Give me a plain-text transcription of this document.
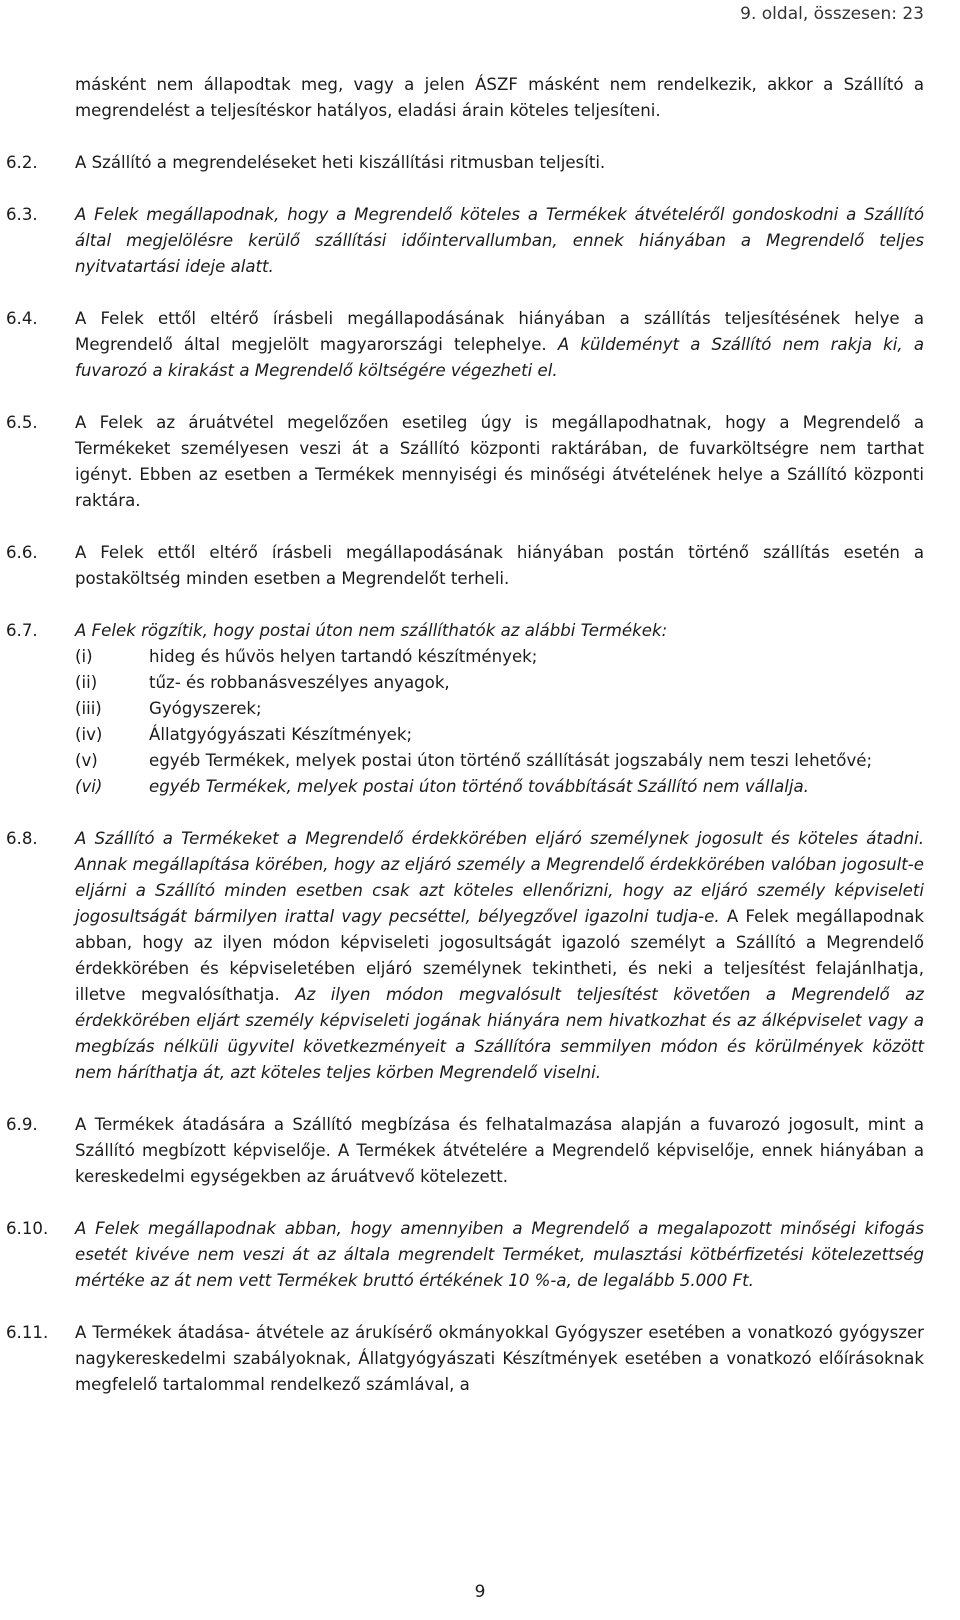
9. oldal, összesen: 23

másként nem állapodtak meg, vagy a jelen ÁSZF másként nem rendelkezik, akkor a Szállító a megrendelést a teljesítéskor hatályos, eladási árain köteles teljesíteni.

6.2. A Szállító a megrendeléseket heti kiszállítási ritmusban teljesíti.
6.3. A Felek megállapodnak, hogy a Megrendelő köteles a Termékek átvételéről gondoskodni a Szállító által megjelölésre kerülő szállítási időintervallumban, ennek hiányában a Megrendelő teljes nyitvatartási ideje alatt.
6.4. A Felek ettől eltérő írásbeli megállapodásának hiányában a szállítás teljesítésének helye a Megrendelő által megjelölt magyarországi telephelye. A küldeményt a Szállító nem rakja ki, a fuvarozó a kirakást a Megrendelő költségére végezheti el.
6.5. A Felek az áruátvétel megelőzően esetileg úgy is megállapodhatnak, hogy a Megrendelő a Termékeket személyesen veszi át a Szállító központi raktárában, de fuvarköltségre nem tarthat igényt. Ebben az esetben a Termékek mennyiségi és minőségi átvételének helye a Szállító központi raktára.
6.6. A Felek ettől eltérő írásbeli megállapodásának hiányában postán történő szállítás esetén a postaköltség minden esetben a Megrendelőt terheli.
6.7. A Felek rögzítik, hogy postai úton nem szállíthatók az alábbi Termékek:
(i)	hideg és hűvös helyen tartandó készítmények;
(ii)	tűz- és robbanásveszélyes anyagok,
(iii)	Gyógyszerek;
(iv)	Állatgyógyászati Készítmények;
(v)	egyéb Termékek, melyek postai úton történő szállítását jogszabály nem teszi lehetővé;
(vi)	egyéb Termékek, melyek postai úton történő továbbítását Szállító nem vállalja.
6.8. A Szállító a Termékeket a Megrendelő érdekkörében eljáró személynek jogosult és köteles átadni. Annak megállapítása körében, hogy az eljáró személy a Megrendelő érdekkörében valóban jogosult-e eljárni a Szállító minden esetben csak azt köteles ellenőrizni, hogy az eljáró személy képviseleti jogosultságát bármilyen irattal vagy pecséttel, bélyegzővel igazolni tudja-e. A Felek megállapodnak abban, hogy az ilyen módon képviseleti jogosultságát igazoló személyt a Szállító a Megrendelő érdekkörében és képviseletében eljáró személynek tekintheti, és neki a teljesítést felajánlhatja, illetve megvalósíthatja. Az ilyen módon megvalósult teljesítést követően a Megrendelő az érdekkörében eljárt személy képviseleti jogának hiányára nem hivatkozhat és az álképviselet vagy a megbízás nélküli ügyvitel következményeit a Szállítóra semmilyen módon és körülmények között nem háríthatja át, azt köteles teljes körben Megrendelő viselni.
6.9. A Termékek átadására a Szállító megbízása és felhatalmazása alapján a fuvarozó jogosult, mint a Szállító megbízott képviselője. A Termékek átvételére a Megrendelő képviselője, ennek hiányában a kereskedelmi egységekben az áruátvevő kötelezett.
6.10. A Felek megállapodnak abban, hogy amennyiben a Megrendelő a megalapozott minőségi kifogás esetét kivéve nem veszi át az általa megrendelt Terméket, mulasztási kötbérfizetési kötelezettség mértéke az át nem vett Termékek bruttó értékének 10 %-a, de legalább 5.000 Ft.
6.11. A Termékek átadása- átvétele az árukísérő okmányokkal Gyógyszer esetében a vonatkozó gyógyszer nagykereskedelmi szabályoknak, Állatgyógyászati Készítmények esetében a vonatkozó előírásoknak megfelelő tartalommal rendelkező számlával, a
9
